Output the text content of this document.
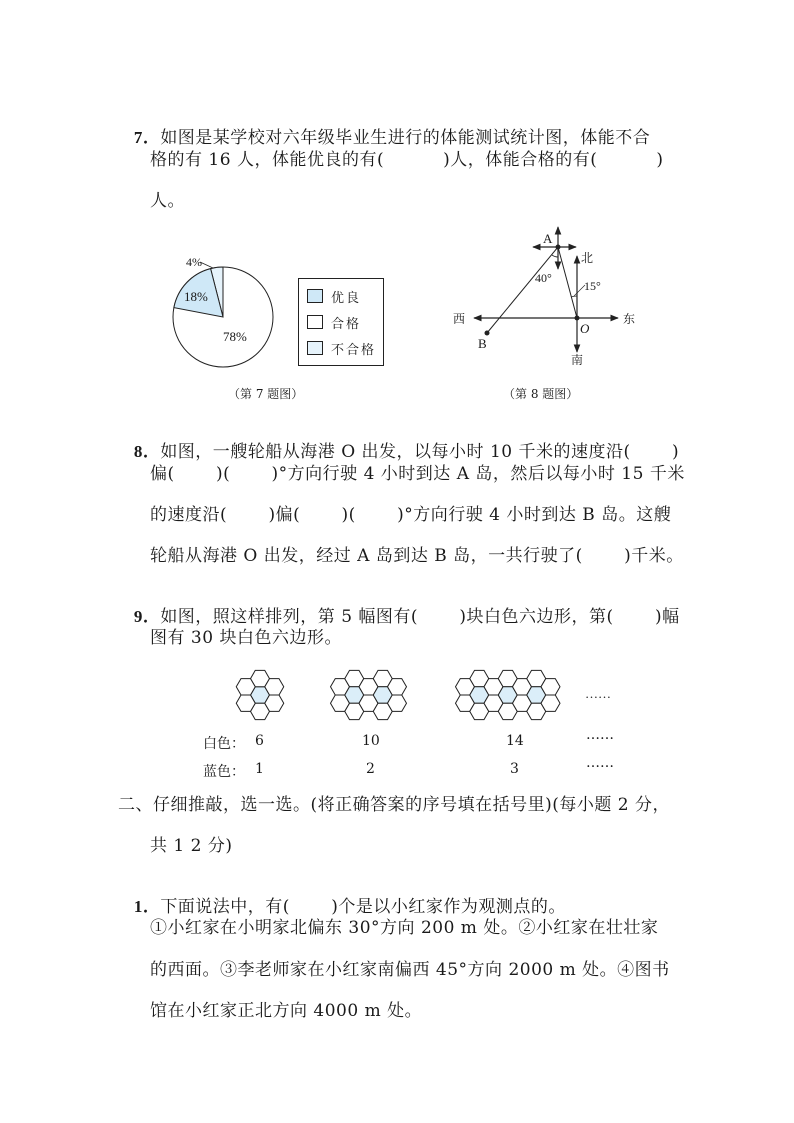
7．如图是某学校对六年级毕业生进行的体能测试统计图，体能不合

格的有 16 人，体能优良的有(          )人，体能合格的有(          )
人。
4%
18%
78%
优良
合格
不合格
（第 7 题图）
A
B
O
北
南
东
西
40°
15°
（第 8 题图）

8．如图，一艘轮船从海港 O 出发，以每小时 10 千米的速度沿(       )

偏(       )(       )°方向行驶 4 小时到达 A 岛，然后以每小时 15 千米
的速度沿(       )偏(       )(       )°方向行驶 4 小时到达 B 岛。这艘
轮船从海港 O 出发，经过 A 岛到达 B 岛，一共行驶了(       )千米。

9．如图，照这样排列，第 5 幅图有(       )块白色六边形，第(       )幅

图有 30 块白色六边形。
……
白色： 6	10	14	……
蓝色： 1	2	3	……
二、仔细推敲，选一选。(将正确答案的序号填在括号里)(每小题 2 分，
共 1 2 分)

1．下面说法中，有(       )个是以小红家作为观测点的。

①小红家在小明家北偏东 30°方向 200 m 处。②小红家在壮壮家
的西面。③李老师家在小红家南偏西 45°方向 2000 m 处。④图书
馆在小红家正北方向 4000 m 处。
